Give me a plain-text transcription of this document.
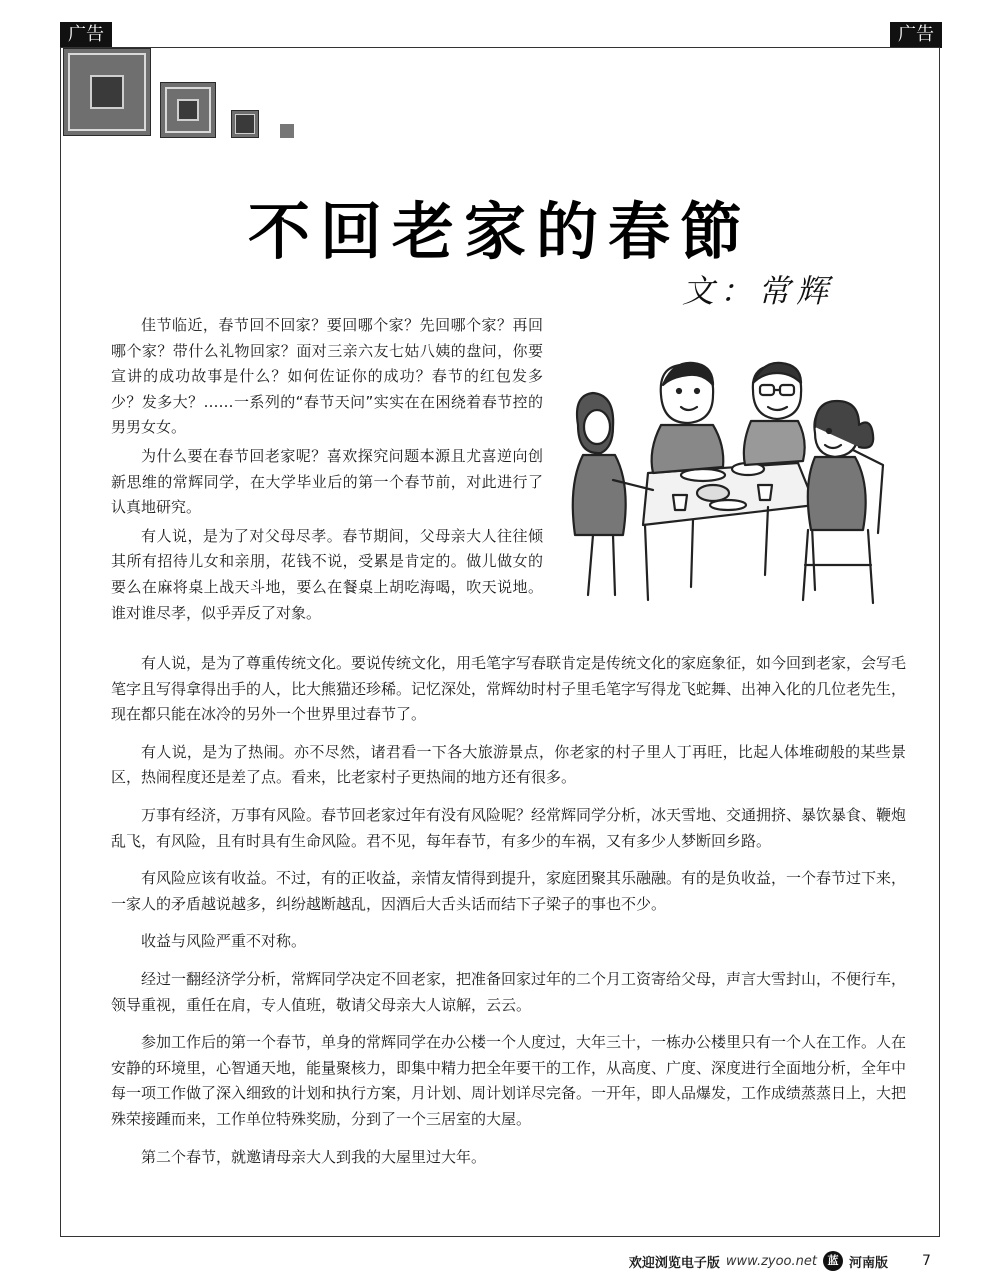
广告	广告
不回老家的春節
文：常辉

佳节临近，春节回不回家？要回哪个家？先回哪个家？再回哪个家？带什么礼物回家？面对三亲六友七姑八姨的盘问，你要宣讲的成功故事是什么？如何佐证你的成功？春节的红包发多少？发多大？……一系列的“春节天问”实实在在困绕着春节控的男男女女。

为什么要在春节回老家呢？喜欢探究问题本源且尤喜逆向创新思维的常辉同学，在大学毕业后的第一个春节前，对此进行了认真地研究。

有人说，是为了对父母尽孝。春节期间，父母亲大人往往倾其所有招待儿女和亲朋，花钱不说，受累是肯定的。做儿做女的要么在麻将桌上战天斗地，要么在餐桌上胡吃海喝，吹天说地。谁对谁尽孝，似乎弄反了对象。

有人说，是为了尊重传统文化。要说传统文化，用毛笔字写春联肯定是传统文化的家庭象征，如今回到老家，会写毛笔字且写得拿得出手的人，比大熊猫还珍稀。记忆深处，常辉幼时村子里毛笔字写得龙飞蛇舞、出神入化的几位老先生，现在都只能在冰冷的另外一个世界里过春节了。

有人说，是为了热闹。亦不尽然，诸君看一下各大旅游景点，你老家的村子里人丁再旺，比起人体堆砌般的某些景区，热闹程度还是差了点。看来，比老家村子更热闹的地方还有很多。

万事有经济，万事有风险。春节回老家过年有没有风险呢？经常辉同学分析，冰天雪地、交通拥挤、暴饮暴食、鞭炮乱飞，有风险，且有时具有生命风险。君不见，每年春节，有多少的车祸，又有多少人梦断回乡路。

有风险应该有收益。不过，有的正收益，亲情友情得到提升，家庭团聚其乐融融。有的是负收益，一个春节过下来，一家人的矛盾越说越多，纠纷越断越乱，因酒后大舌头话而结下子梁子的事也不少。

收益与风险严重不对称。

经过一翻经济学分析，常辉同学决定不回老家，把准备回家过年的二个月工资寄给父母，声言大雪封山，不便行车，领导重视，重任在肩，专人值班，敬请父母亲大人谅解，云云。

参加工作后的第一个春节，单身的常辉同学在办公楼一个人度过，大年三十，一栋办公楼里只有一个人在工作。人在安静的环境里，心智通天地，能量聚核力，即集中精力把全年要干的工作，从高度、广度、深度进行全面地分析，全年中每一项工作做了深入细致的计划和执行方案，月计划、周计划详尽完备。一开年，即人品爆发，工作成绩蒸蒸日上，大把殊荣接踵而来，工作单位特殊奖励，分到了一个三居室的大屋。

第二个春节，就邀请母亲大人到我的大屋里过大年。

欢迎浏览电子版 www.zyoo.net 蓝 河南版 7
